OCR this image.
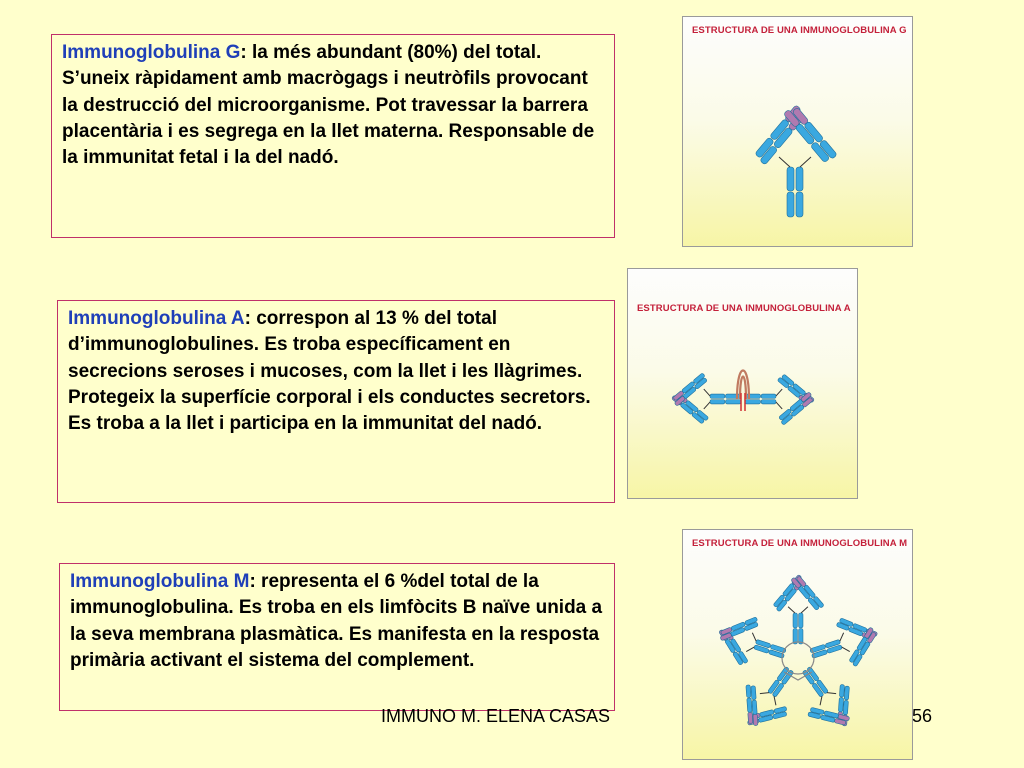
Immunoglobulina G: la més abundant (80%) del total. S’uneix ràpidament amb macrògags i neutròfils provocant la destrucció del microorganisme. Pot travessar la barrera placentària i es segrega en la llet materna. Responsable de la immunitat fetal i la del nadó.
Immunoglobulina A: correspon al 13 % del total d’immunoglobulines. Es troba específicament en secrecions seroses i mucoses, com la llet i les llàgrimes. Protegeix la superfície corporal i els conductes secretors. Es troba a la llet i participa en la immunitat del nadó.
Immunoglobulina M: representa el 6 %del total de la immunoglobulina. Es troba en els limfòcits B naïve unida a la seva membrana plasmàtica. Es manifesta en la resposta primària activant el sistema del complement.
ESTRUCTURA DE UNA INMUNOGLOBULINA G
ESTRUCTURA DE UNA INMUNOGLOBULINA A
ESTRUCTURA DE UNA INMUNOGLOBULINA M
IMMUNO M. ELENA CASAS	56
